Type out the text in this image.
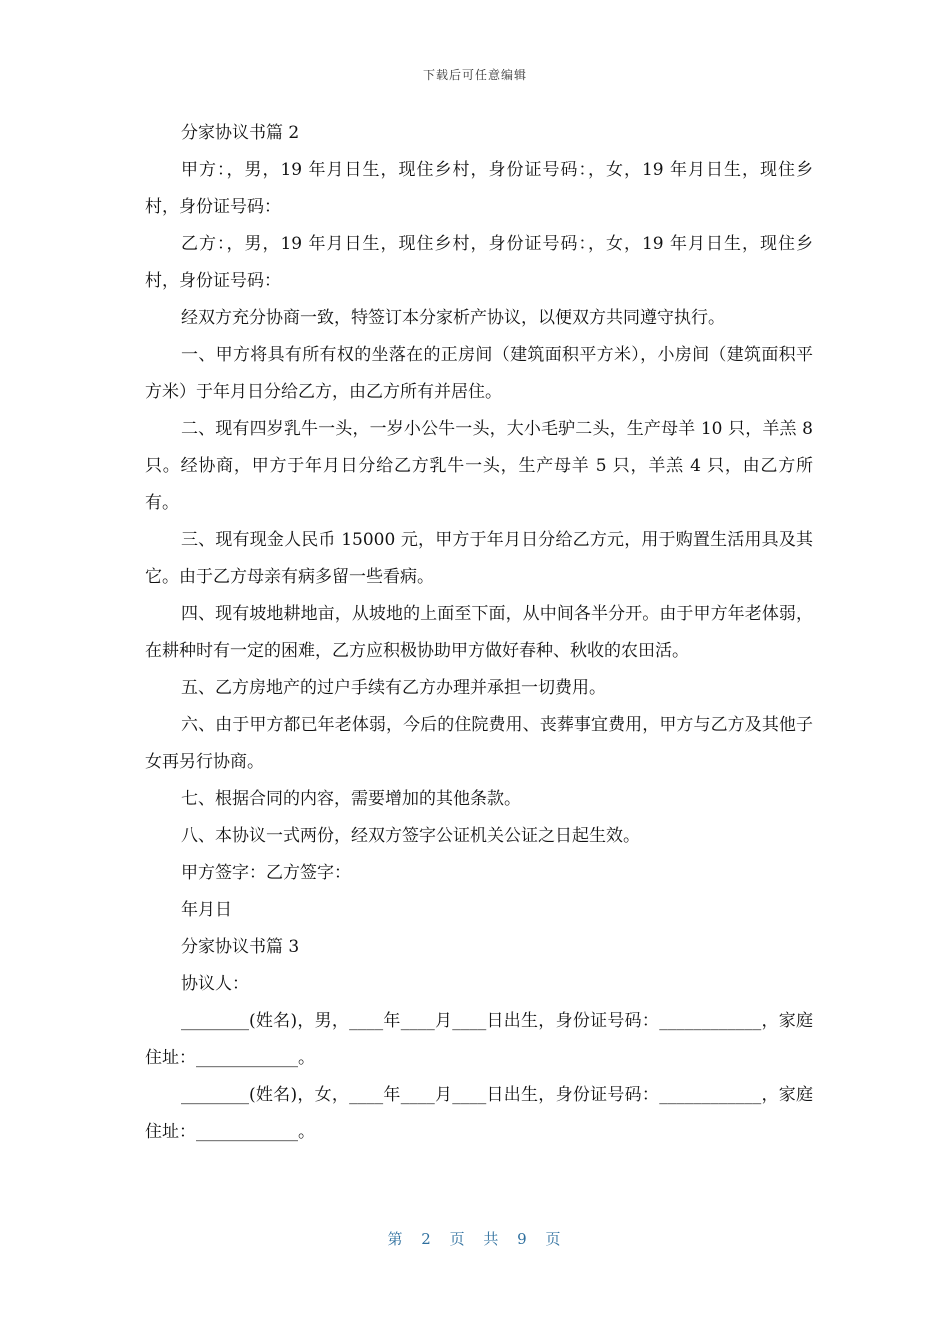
下载后可任意编辑

分家协议书篇 2

甲方：，男，19 年月日生，现住乡村，身份证号码：，女，19 年月日生，现住乡村，身份证号码：

乙方：，男，19 年月日生，现住乡村，身份证号码：，女，19 年月日生，现住乡村，身份证号码：

经双方充分协商一致，特签订本分家析产协议，以便双方共同遵守执行。

一、甲方将具有所有权的坐落在的正房间（建筑面积平方米），小房间（建筑面积平方米）于年月日分给乙方，由乙方所有并居住。

二、现有四岁乳牛一头，一岁小公牛一头，大小毛驴二头，生产母羊 10 只，羊羔 8 只。经协商，甲方于年月日分给乙方乳牛一头，生产母羊 5 只，羊羔 4 只，由乙方所有。

三、现有现金人民币 15000 元，甲方于年月日分给乙方元，用于购置生活用具及其它。由于乙方母亲有病多留一些看病。

四、现有坡地耕地亩，从坡地的上面至下面，从中间各半分开。由于甲方年老体弱，在耕种时有一定的困难，乙方应积极协助甲方做好春种、秋收的农田活。

五、乙方房地产的过户手续有乙方办理并承担一切费用。

六、由于甲方都已年老体弱，今后的住院费用、丧葬事宜费用，甲方与乙方及其他子女再另行协商。

七、根据合同的内容，需要增加的其他条款。

八、本协议一式两份，经双方签字公证机关公证之日起生效。

甲方签字：乙方签字：

年月日

分家协议书篇 3

协议人：

________(姓名)，男，____年____月____日出生，身份证号码：____________，家庭住址：____________。

________(姓名)，女，____年____月____日出生，身份证号码：____________，家庭住址：____________。

第 2 页 共 9 页
